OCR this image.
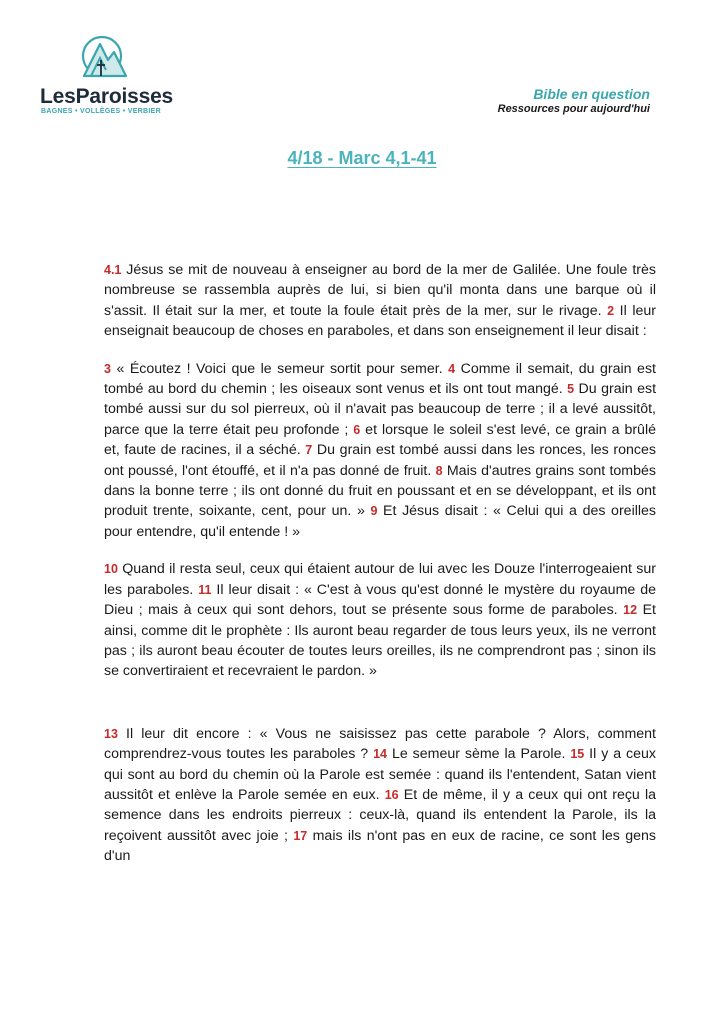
LesParoisses
BAGNES • VOLLÈGES • VERBIER
Bible en question
Ressources pour aujourd'hui
4/18 - Marc 4,1-41

4.1 Jésus se mit de nouveau à enseigner au bord de la mer de Galilée. Une foule très nombreuse se rassembla auprès de lui, si bien qu'il monta dans une barque où il s'assit. Il était sur la mer, et toute la foule était près de la mer, sur le rivage. 2 Il leur enseignait beaucoup de choses en paraboles, et dans son enseignement il leur disait :

3 « Écoutez ! Voici que le semeur sortit pour semer. 4 Comme il semait, du grain est tombé au bord du chemin ; les oiseaux sont venus et ils ont tout mangé. 5 Du grain est tombé aussi sur du sol pierreux, où il n'avait pas beaucoup de terre ; il a levé aussitôt, parce que la terre était peu profonde ; 6 et lorsque le soleil s'est levé, ce grain a brûlé et, faute de racines, il a séché. 7 Du grain est tombé aussi dans les ronces, les ronces ont poussé, l'ont étouffé, et il n'a pas donné de fruit. 8 Mais d'autres grains sont tombés dans la bonne terre ; ils ont donné du fruit en poussant et en se développant, et ils ont produit trente, soixante, cent, pour un. » 9 Et Jésus disait : « Celui qui a des oreilles pour entendre, qu'il entende ! »

10 Quand il resta seul, ceux qui étaient autour de lui avec les Douze l'interrogeaient sur les paraboles. 11 Il leur disait : « C'est à vous qu'est donné le mystère du royaume de Dieu ; mais à ceux qui sont dehors, tout se présente sous forme de paraboles. 12 Et ainsi, comme dit le prophète : Ils auront beau regarder de tous leurs yeux, ils ne verront pas ; ils auront beau écouter de toutes leurs oreilles, ils ne comprendront pas ; sinon ils se convertiraient et recevraient le pardon. »

13 Il leur dit encore : « Vous ne saisissez pas cette parabole ? Alors, comment comprendrez-vous toutes les paraboles ? 14 Le semeur sème la Parole. 15 Il y a ceux qui sont au bord du chemin où la Parole est semée : quand ils l'entendent, Satan vient aussitôt et enlève la Parole semée en eux. 16 Et de même, il y a ceux qui ont reçu la semence dans les endroits pierreux : ceux-là, quand ils entendent la Parole, ils la reçoivent aussitôt avec joie ; 17 mais ils n'ont pas en eux de racine, ce sont les gens d'un
